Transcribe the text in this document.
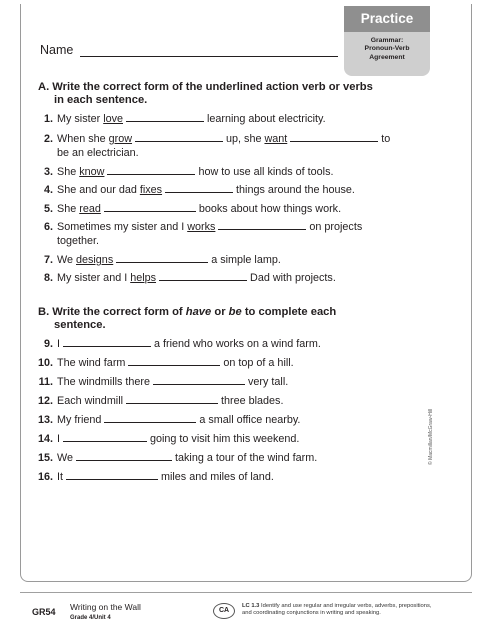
Name
Practice
Grammar:
Pronoun-Verb
Agreement
A. Write the correct form of the underlined action verb or verbs
in each sentence.
1. My sister love	learning about electricity.
2. When she grow	up, she want	to
be an electrician.
3. She know	how to use all kinds of tools.
4. She and our dad fixes	things around the house.
5. She read	books about how things work.
6. Sometimes my sister and I works	on projects
together.
7. We designs	a simple lamp.
8. My sister and I helps	Dad with projects.
B. Write the correct form of have or be to complete each
sentence.
9. I	a friend who works on a wind farm.
10. The wind farm	on top of a hill.
11. The windmills there	very tall.
12. Each windmill	three blades.
13. My friend	a small office nearby.
14. I	going to visit him this weekend.
15. We	taking a tour of the wind farm.
16. It	miles and miles of land.
© Macmillan/McGraw-Hill
GR54 Writing on the Wall
Grade 4/Unit 4
CA
LC 1.3 Identify and use regular and irregular verbs, adverbs, prepositions, and coordinating conjunctions in writing and speaking.
